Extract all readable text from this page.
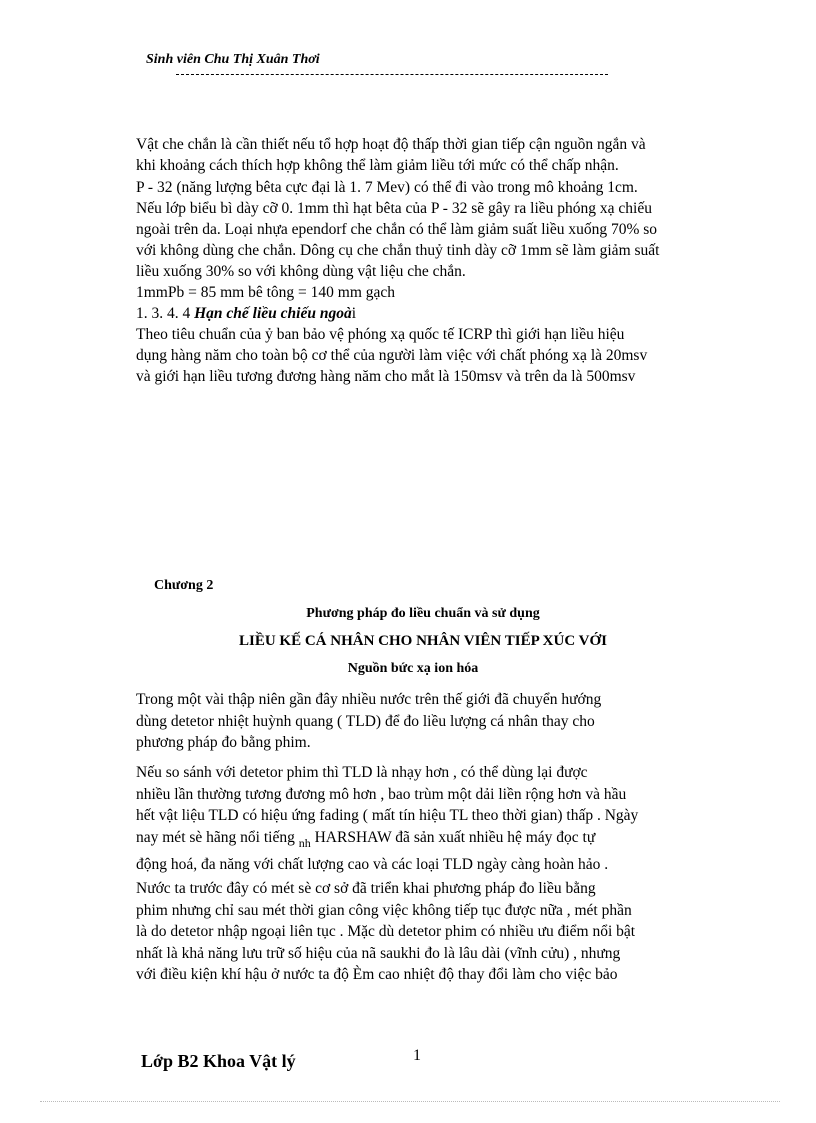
Sinh viên Chu Thị Xuân Thơi
Vật che chắn là cần thiết nếu tổ hợp hoạt độ thấp thời gian tiếp cận nguồn ngắn và
khi khoảng cách thích hợp không thể làm giảm liều tới mức có thể chấp nhận.
P - 32 (năng lượng bêta cực đại là 1. 7 Mev) có thể đi vào trong mô khoảng 1cm.
Nếu lớp biểu bì dày cỡ 0. 1mm thì hạt bêta của P - 32 sẽ gây ra liều phóng xạ chiếu
ngoài trên da. Loại nhựa ependorf che chắn có thể làm giảm suất liều xuống 70% so
với không dùng che chắn. Dông cụ che chắn thuỷ tinh dày cỡ 1mm sẽ làm giảm suất
liều xuống 30% so với không dùng vật liệu che chắn.
1mmPb = 85 mm bê tông = 140 mm gạch
1. 3. 4. 4 Hạn chế liều chiếu ngoài
Theo tiêu chuẩn của ỷ ban bảo vệ phóng xạ quốc tế ICRP thì giới hạn liều hiệu
dụng hàng năm cho toàn bộ cơ thể của người làm việc với chất phóng xạ là 20msv
và giới hạn liều tương đương hàng năm cho mắt là 150msv và trên da là 500msv
Chương 2
Phương pháp đo liều chuẩn và sử dụng
LIỀU KẾ CÁ NHÂN CHO NHÂN VIÊN TIẾP XÚC VỚI
Nguồn bức xạ ion hóa
Trong một vài thập niên gần đây nhiều nước trên thế giới đã chuyển hướng
dùng detetor nhiệt huỳnh quang ( TLD) để đo liều lượng cá nhân thay cho
phương pháp đo bằng phim.
Nếu so sánh với detetor phim thì TLD là nhạy hơn , có thể dùng lại được
nhiều lần thường tương đương mô hơn , bao trùm một dải liền rộng hơn và hầu
hết vật liệu TLD có hiệu ứng fading ( mất tín hiệu TL theo thời gian) thấp . Ngày
nay mét sè hãng nổi tiếng $_{nh}$ HARSHAW đã sản xuất nhiều hệ máy đọc tự
động hoá, đa năng với chất lượng cao và các loại TLD ngày càng hoàn hảo .
Nước ta trước đây có mét sè cơ sở đã triển khai phương pháp đo liều bằng
phim nhưng chỉ sau mét thời gian công việc không tiếp tục được nữa , mét phần
là do detetor nhập ngoại liên tục . Mặc dù detetor phim có nhiều ưu điểm nổi bật
nhất là khả năng lưu trữ số hiệu của nã saukhi đo là lâu dài (vĩnh cửu) , nhưng
với điều kiện khí hậu ở nước ta độ Èm cao nhiệt độ thay đổi làm cho việc bảo
Lớp B2 Khoa Vật lý	1
